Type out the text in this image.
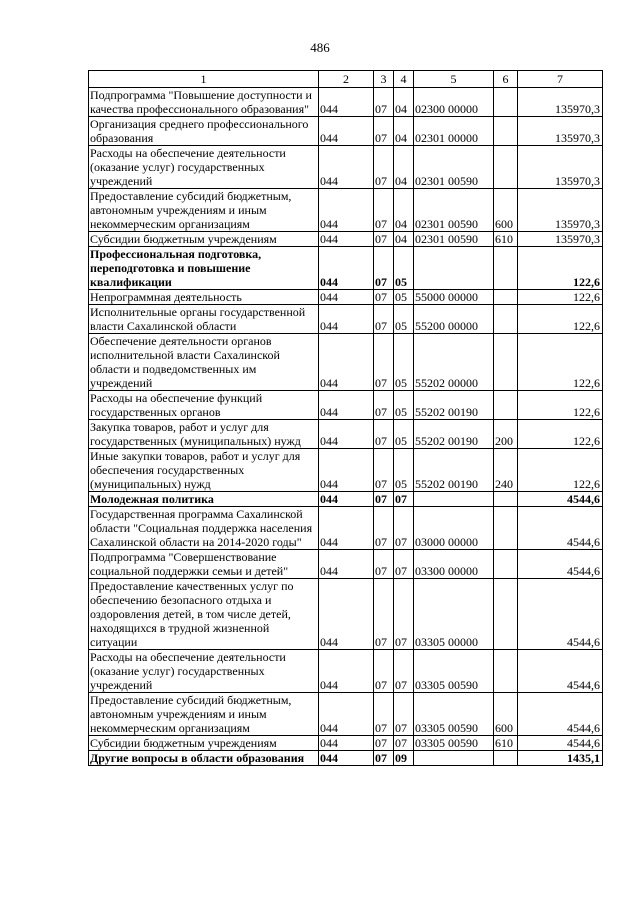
486
1	2	3	4	5	6	7
Подпрограмма "Повышение доступности и качества профессионального образования"	044	07	04	02300 00000		135970,3
Организация среднего профессионального образования	044	07	04	02301 00000		135970,3
Расходы на обеспечение деятельности (оказание услуг) государственных учреждений	044	07	04	02301 00590		135970,3
Предоставление субсидий бюджетным, автономным учреждениям и иным некоммерческим организациям	044	07	04	02301 00590	600	135970,3
Субсидии бюджетным учреждениям	044	07	04	02301 00590	610	135970,3
Профессиональная подготовка, переподготовка и повышение квалификации	044	07	05			122,6
Непрограммная деятельность	044	07	05	55000 00000		122,6
Исполнительные органы государственной власти Сахалинской области	044	07	05	55200 00000		122,6
Обеспечение деятельности органов исполнительной власти Сахалинской области и подведомственных им учреждений	044	07	05	55202 00000		122,6
Расходы на обеспечение функций государственных органов	044	07	05	55202 00190		122,6
Закупка товаров, работ и услуг для государственных (муниципальных) нужд	044	07	05	55202 00190	200	122,6
Иные закупки товаров, работ и услуг для обеспечения государственных (муниципальных) нужд	044	07	05	55202 00190	240	122,6
Молодежная политика	044	07	07			4544,6
Государственная программа Сахалинской области "Социальная поддержка населения Сахалинской области на 2014-2020 годы"	044	07	07	03000 00000		4544,6
Подпрограмма "Совершенствование социальной поддержки семьи и детей"	044	07	07	03300 00000		4544,6
Предоставление качественных услуг по обеспечению безопасного отдыха и оздоровления детей, в том числе детей, находящихся в трудной жизненной ситуации	044	07	07	03305 00000		4544,6
Расходы на обеспечение деятельности (оказание услуг) государственных учреждений	044	07	07	03305 00590		4544,6
Предоставление субсидий бюджетным, автономным учреждениям и иным некоммерческим организациям	044	07	07	03305 00590	600	4544,6
Субсидии бюджетным учреждениям	044	07	07	03305 00590	610	4544,6
Другие вопросы в области образования	044	07	09			1435,1
